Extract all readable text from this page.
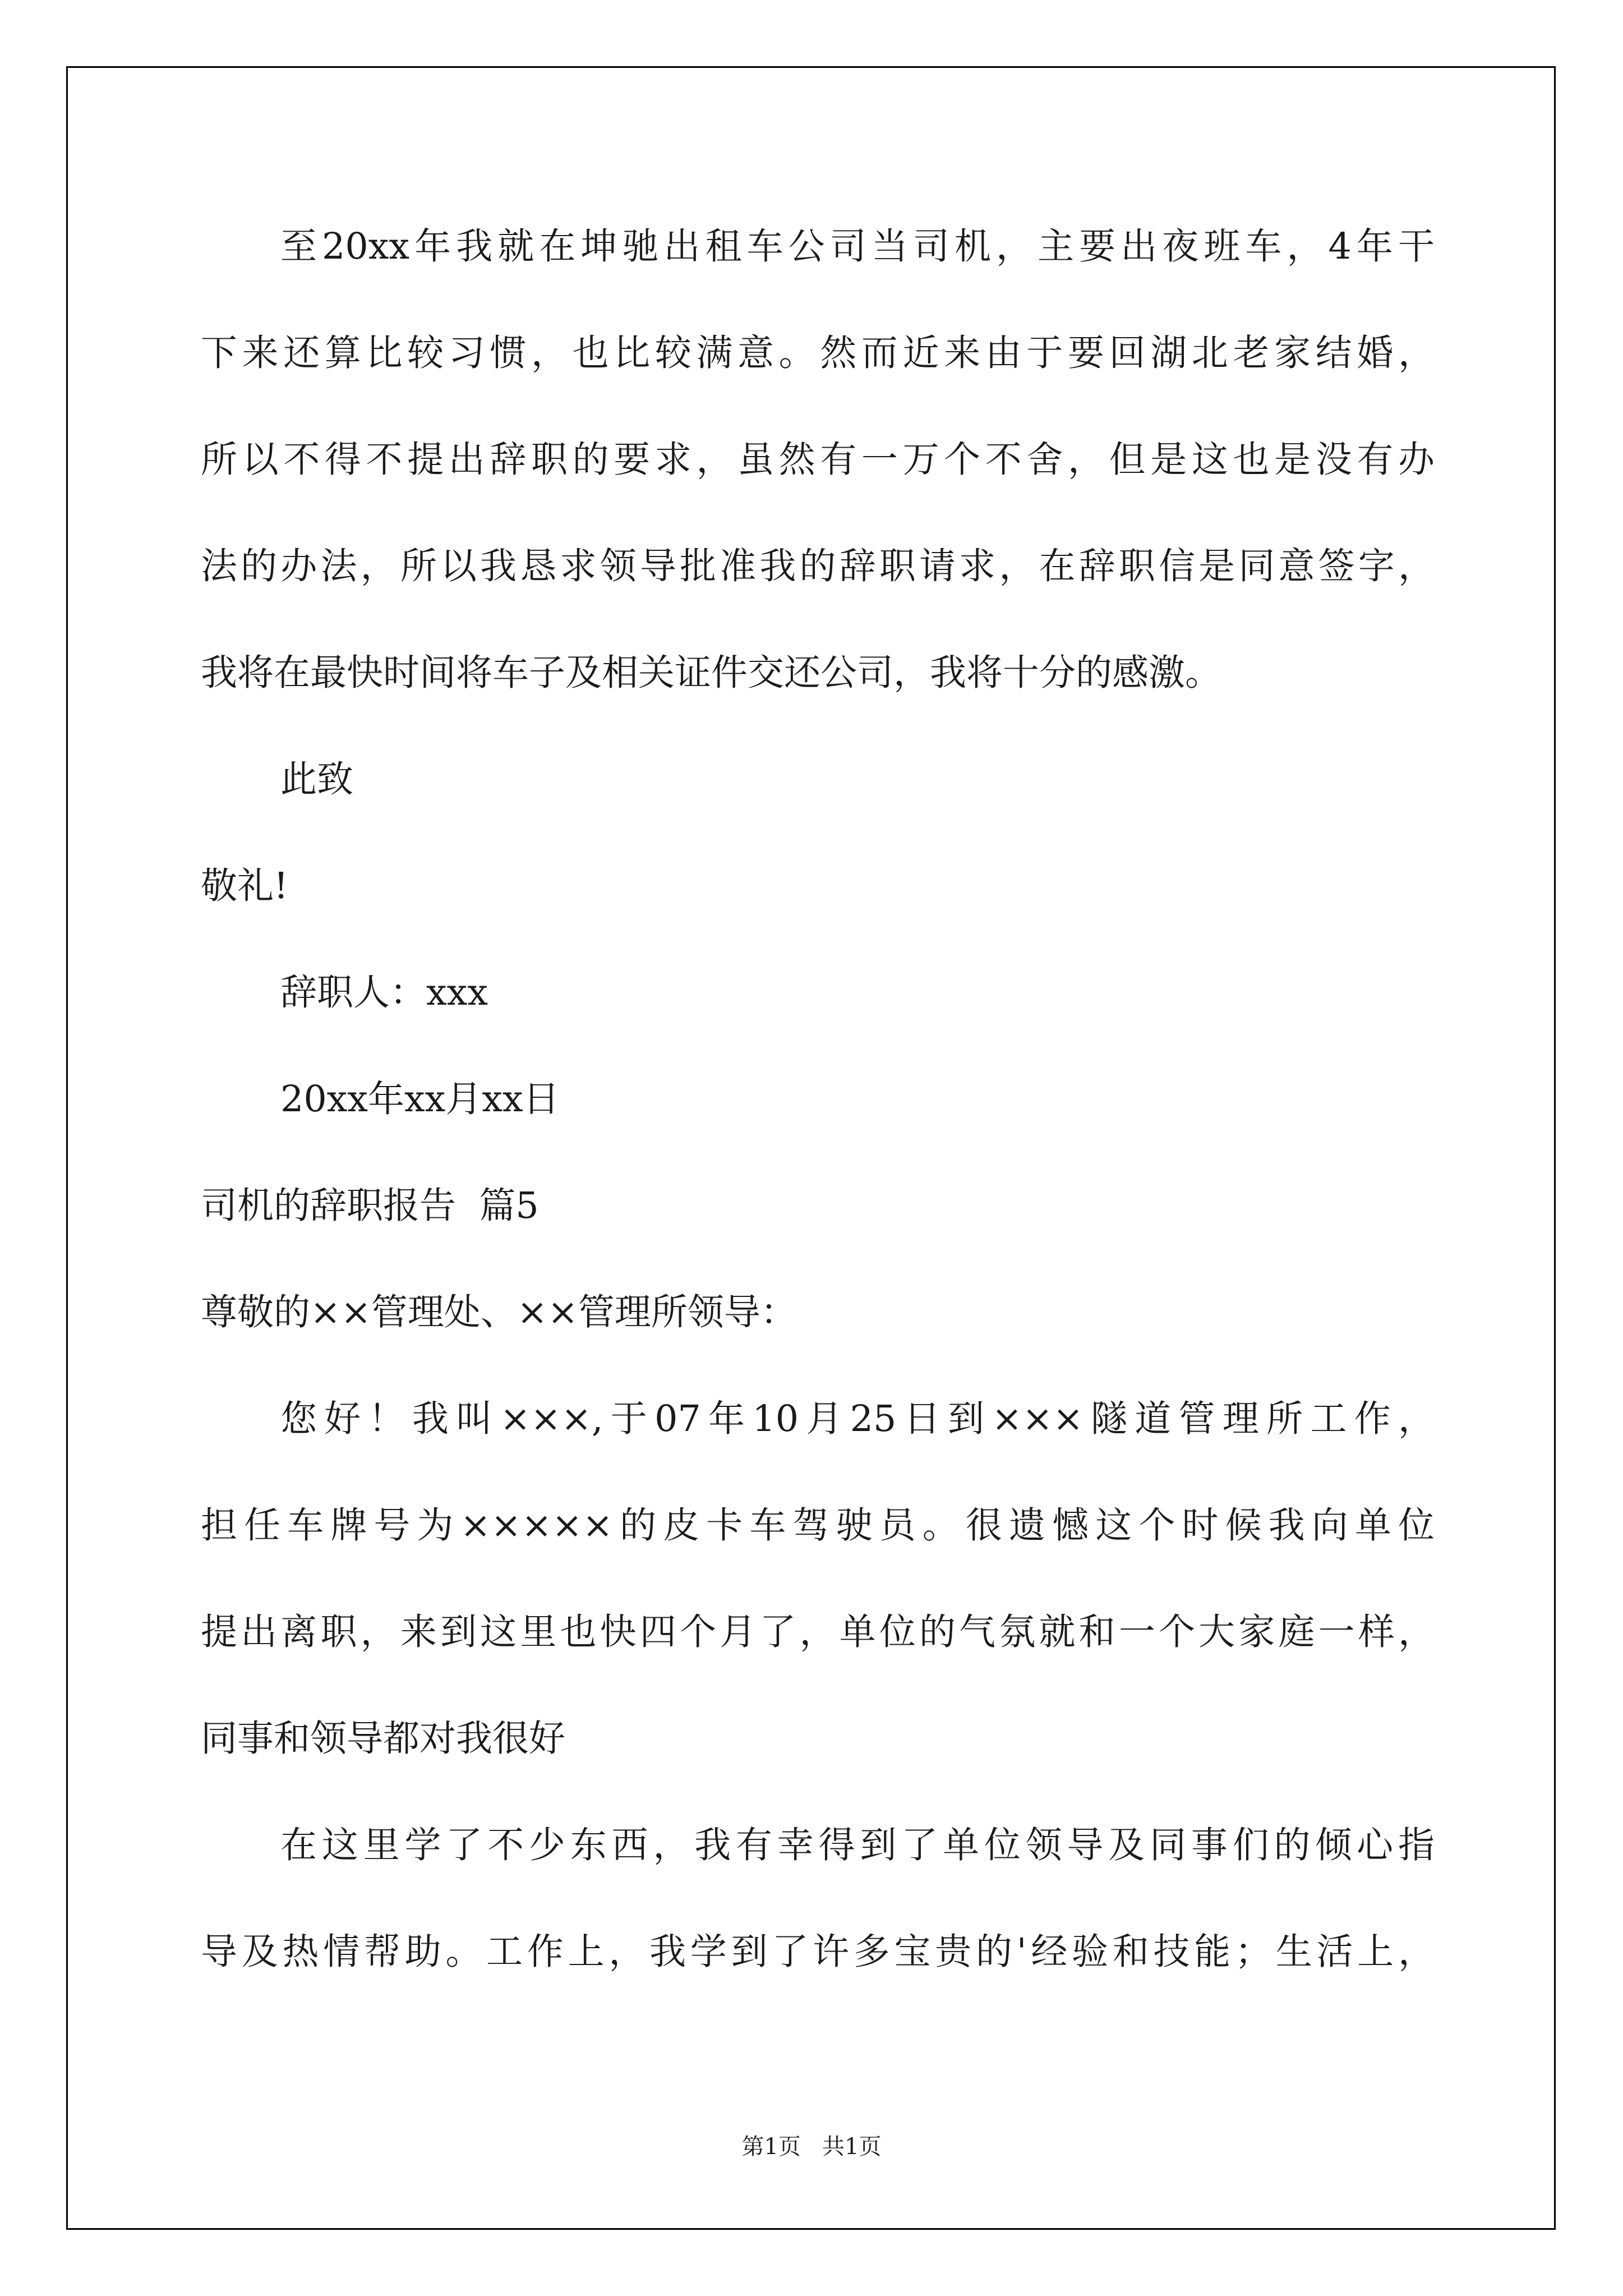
至20xx年我就在坤驰出租车公司当司机，主要出夜班车，4年干
下来还算比较习惯，也比较满意。然而近来由于要回湖北老家结婚，
所以不得不提出辞职的要求，虽然有一万个不舍，但是这也是没有办
法的办法，所以我恳求领导批准我的辞职请求，在辞职信是同意签字，
我将在最快时间将车子及相关证件交还公司，我将十分的感激。
此致
敬礼!
辞职人：xxx
20xx年xx月xx日
司机的辞职报告  篇5
尊敬的××管理处、××管理所领导：
您好！我叫×××,于07年10月25日到×××隧道管理所工作，
担任车牌号为×××××的皮卡车驾驶员。很遗憾这个时候我向单位
提出离职，来到这里也快四个月了，单位的气氛就和一个大家庭一样，
同事和领导都对我很好
在这里学了不少东西，我有幸得到了单位领导及同事们的倾心指
导及热情帮助。工作上，我学到了许多宝贵的'经验和技能；生活上，
第1页   共1页
